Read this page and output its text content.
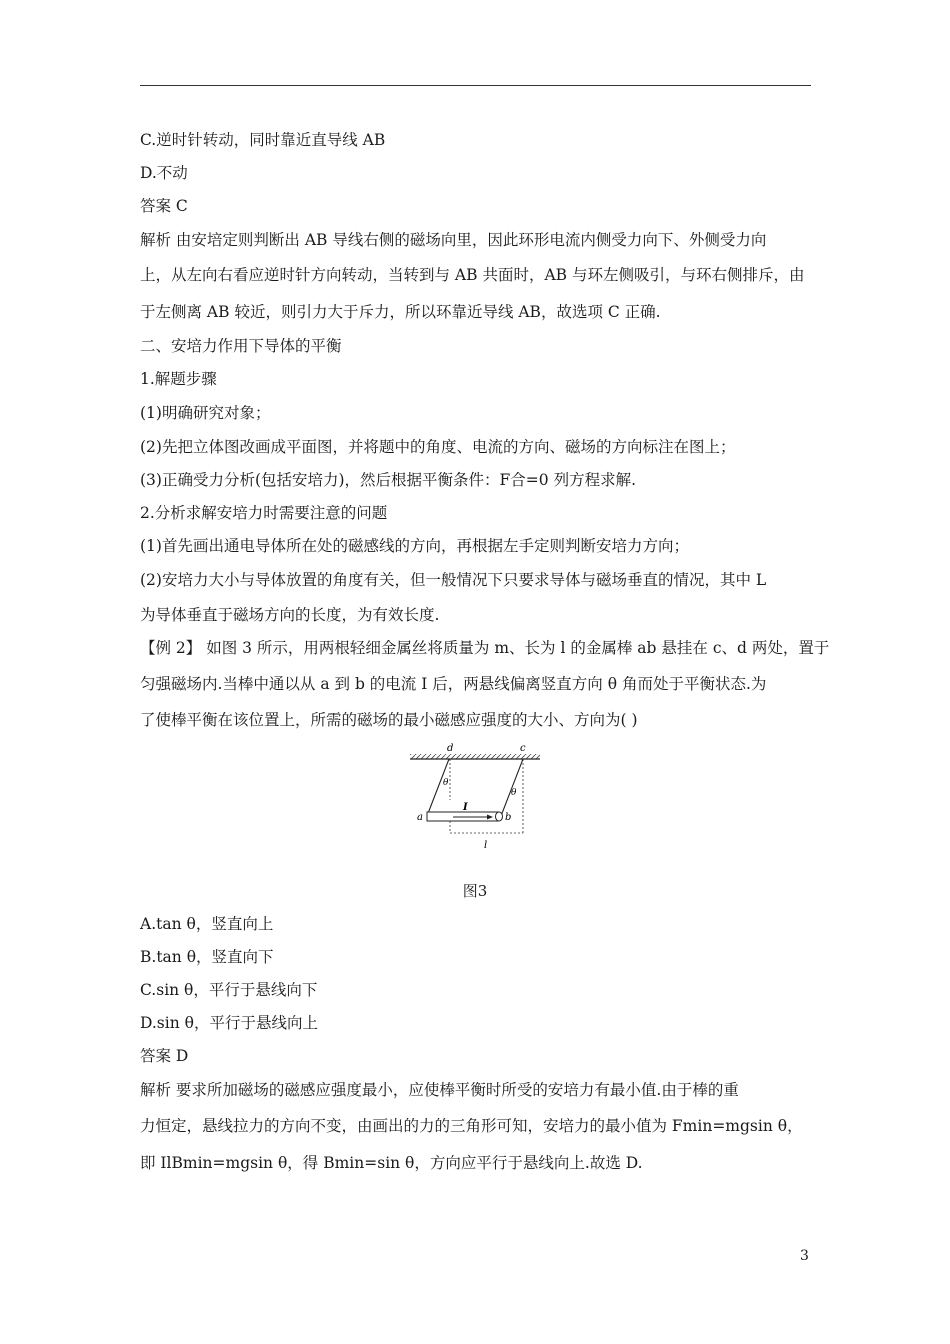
C.逆时针转动，同时靠近直导线 AB
D.不动
答案 C
解析 由安培定则判断出 AB 导线右侧的磁场向里，因此环形电流内侧受力向下、外侧受力向
上，从左向右看应逆时针方向转动，当转到与 AB 共面时，AB 与环左侧吸引，与环右侧排斥，由
于左侧离 AB 较近，则引力大于斥力，所以环靠近导线 AB，故选项 C 正确.
二、安培力作用下导体的平衡
1.解题步骤
(1)明确研究对象；
(2)先把立体图改画成平面图，并将题中的角度、电流的方向、磁场的方向标注在图上；
(3)正确受力分析(包括安培力)，然后根据平衡条件：F合=0 列方程求解.
2.分析求解安培力时需要注意的问题
(1)首先画出通电导体所在处的磁感线的方向，再根据左手定则判断安培力方向；
(2)安培力大小与导体放置的角度有关，但一般情况下只要求导体与磁场垂直的情况，其中 L
为导体垂直于磁场方向的长度，为有效长度.
【例 2】 如图 3 所示，用两根轻细金属丝将质量为 m、长为 l 的金属棒 ab 悬挂在 c、d 两处，置于
匀强磁场内.当棒中通以从 a 到 b 的电流 I 后，两悬线偏离竖直方向 θ 角而处于平衡状态.为
了使棒平衡在该位置上，所需的磁场的最小磁感应强度的大小、方向为( )
d	c
θ
θ
I
a	b
l
图3
A.tan θ，竖直向上
B.tan θ，竖直向下
C.sin θ，平行于悬线向下
D.sin θ，平行于悬线向上
答案 D
解析 要求所加磁场的磁感应强度最小，应使棒平衡时所受的安培力有最小值.由于棒的重
力恒定，悬线拉力的方向不变，由画出的力的三角形可知，安培力的最小值为 Fmin=mgsin θ，
即 IlBmin=mgsin θ，得 Bmin=sin θ，方向应平行于悬线向上.故选 D.
3
